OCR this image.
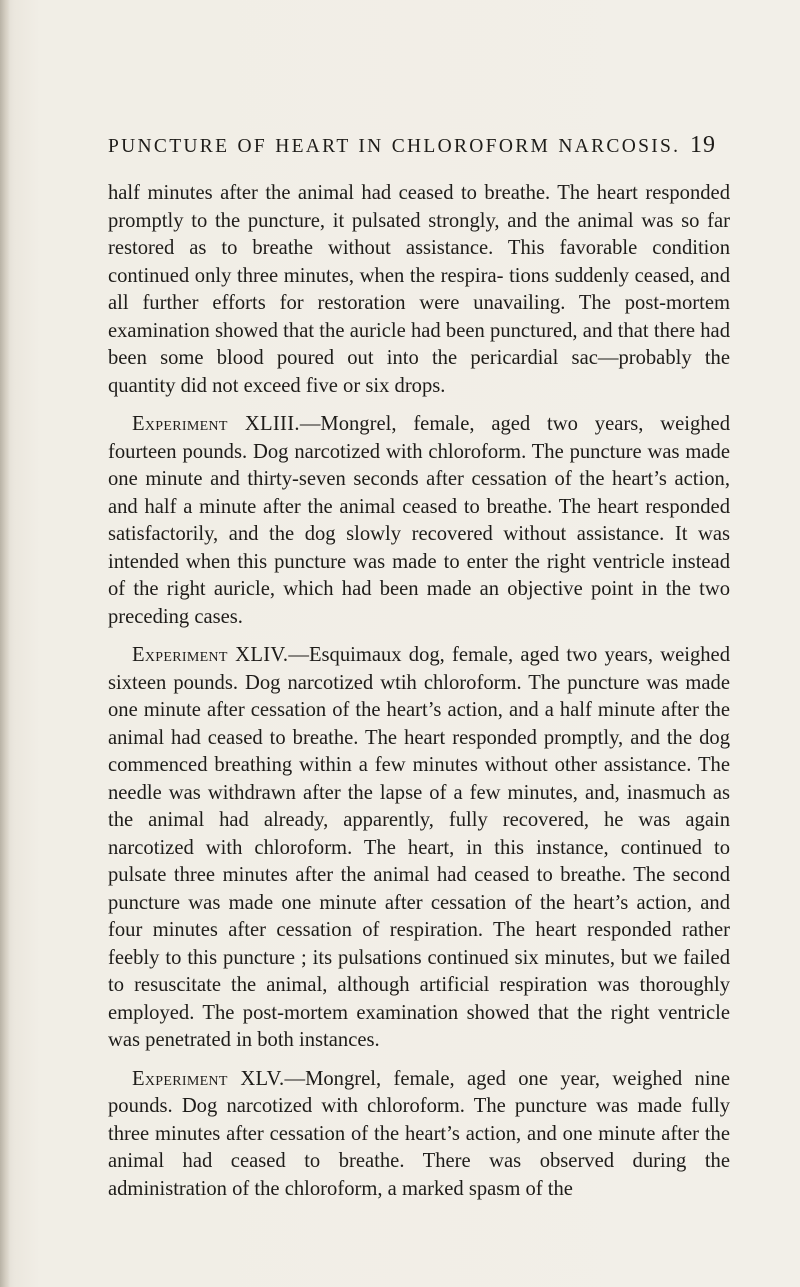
PUNCTURE OF HEART IN CHLOROFORM NARCOSIS. 19

half minutes after the animal had ceased to breathe. The heart responded promptly to the puncture, it pulsated strongly, and the animal was so far restored as to breathe without assistance. This favorable condition continued only three minutes, when the respira- tions suddenly ceased, and all further efforts for restoration were unavailing. The post-mortem examination showed that the auricle had been punctured, and that there had been some blood poured out into the pericardial sac—probably the quantity did not exceed five or six drops.

Experiment XLIII.—Mongrel, female, aged two years, weighed fourteen pounds. Dog narcotized with chloroform. The puncture was made one minute and thirty-seven seconds after cessation of the heart’s action, and half a minute after the animal ceased to breathe. The heart responded satisfactorily, and the dog slowly recovered without assistance. It was intended when this puncture was made to enter the right ventricle instead of the right auricle, which had been made an objective point in the two preceding cases.

Experiment XLIV.—Esquimaux dog, female, aged two years, weighed sixteen pounds. Dog narcotized wtih chloroform. The puncture was made one minute after cessation of the heart’s action, and a half minute after the animal had ceased to breathe. The heart responded promptly, and the dog commenced breathing within a few minutes without other assistance. The needle was withdrawn after the lapse of a few minutes, and, inasmuch as the animal had already, apparently, fully recovered, he was again narcotized with chloroform. The heart, in this instance, continued to pulsate three minutes after the animal had ceased to breathe. The second puncture was made one minute after cessation of the heart’s action, and four minutes after cessation of respiration. The heart responded rather feebly to this puncture ; its pulsations continued six minutes, but we failed to resuscitate the animal, although artificial respiration was thoroughly employed. The post-mortem examination showed that the right ventricle was penetrated in both instances.

Experiment XLV.—Mongrel, female, aged one year, weighed nine pounds. Dog narcotized with chloroform. The puncture was made fully three minutes after cessation of the heart’s action, and one minute after the animal had ceased to breathe. There was observed during the administration of the chloroform, a marked spasm of the
